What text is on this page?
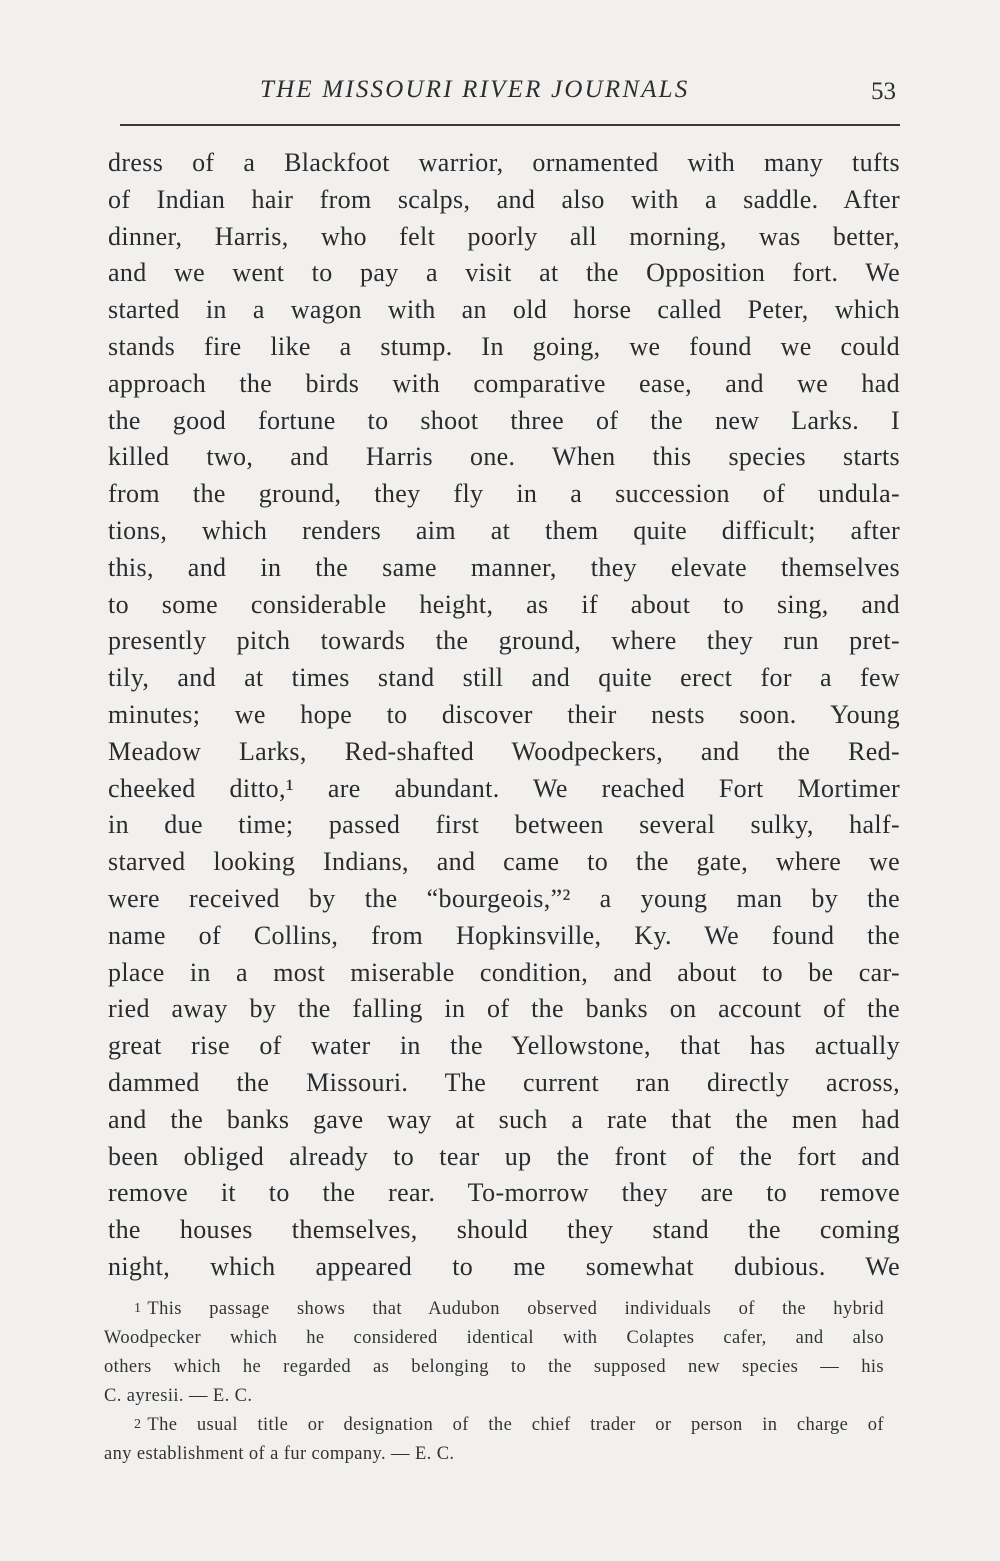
THE MISSOURI RIVER JOURNALS	53
dress of a Blackfoot warrior, ornamented with many tufts
of Indian hair from scalps, and also with a saddle. After
dinner, Harris, who felt poorly all morning, was better,
and we went to pay a visit at the Opposition fort. We
started in a wagon with an old horse called Peter, which
stands fire like a stump. In going, we found we could
approach the birds with comparative ease, and we had
the good fortune to shoot three of the new Larks. I
killed two, and Harris one. When this species starts
from the ground, they fly in a succession of undula-
tions, which renders aim at them quite difficult; after
this, and in the same manner, they elevate themselves
to some considerable height, as if about to sing, and
presently pitch towards the ground, where they run pret-
tily, and at times stand still and quite erect for a few
minutes; we hope to discover their nests soon. Young
Meadow Larks, Red-shafted Woodpeckers, and the Red-
cheeked ditto,¹ are abundant. We reached Fort Mortimer
in due time; passed first between several sulky, half-
starved looking Indians, and came to the gate, where we
were received by the “bourgeois,”² a young man by the
name of Collins, from Hopkinsville, Ky. We found the
place in a most miserable condition, and about to be car-
ried away by the falling in of the banks on account of the
great rise of water in the Yellowstone, that has actually
dammed the Missouri. The current ran directly across,
and the banks gave way at such a rate that the men had
been obliged already to tear up the front of the fort and
remove it to the rear. To-morrow they are to remove
the houses themselves, should they stand the coming
night, which appeared to me somewhat dubious. We
$^1$ This passage shows that Audubon observed individuals of the hybrid
Woodpecker which he considered identical with Colaptes cafer, and also
others which he regarded as belonging to the supposed new species — his
C. ayresii. — E. C.
$^2$ The usual title or designation of the chief trader or person in charge of
any establishment of a fur company. — E. C.
